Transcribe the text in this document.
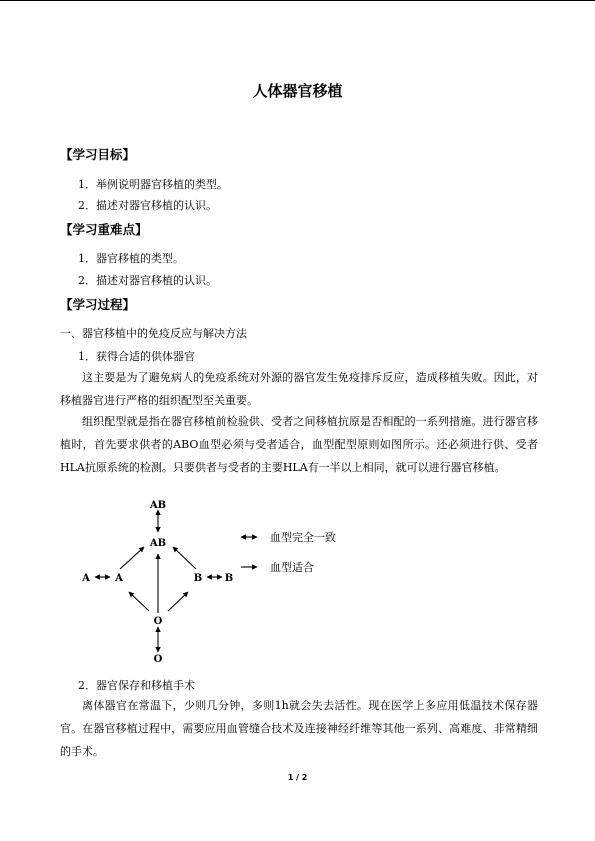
人体器官移植
【学习目标】
1．举例说明器官移植的类型。
2．描述对器官移植的认识。
【学习重难点】
1．器官移植的类型。
2．描述对器官移植的认识。
【学习过程】
一、器官移植中的免疫反应与解决方法
1．获得合适的供体器官

这主要是为了避免病人的免疫系统对外源的器官发生免疫排斥反应，造成移植失败。因此，对移植器官进行严格的组织配型至关重要。

组织配型就是指在器官移植前检验供、受者之间移植抗原是否相配的一系列措施。进行器官移植时，首先要求供者的ABO血型必须与受者适合，血型配型原则如图所示。还必须进行供、受者HLA抗原系统的检测。只要供者与受者的主要HLA有一半以上相同，就可以进行器官移植。

AB
AB
A	A	B B
O
O
血型完全一致
血型适合
2．器官保存和移植手术

离体器官在常温下，少则几分钟，多则1h就会失去活性。现在医学上多应用低温技术保存器官。在器官移植过程中，需要应用血管缝合技术及连接神经纤维等其他一系列、高难度、非常精细的手术。

1 / 2
